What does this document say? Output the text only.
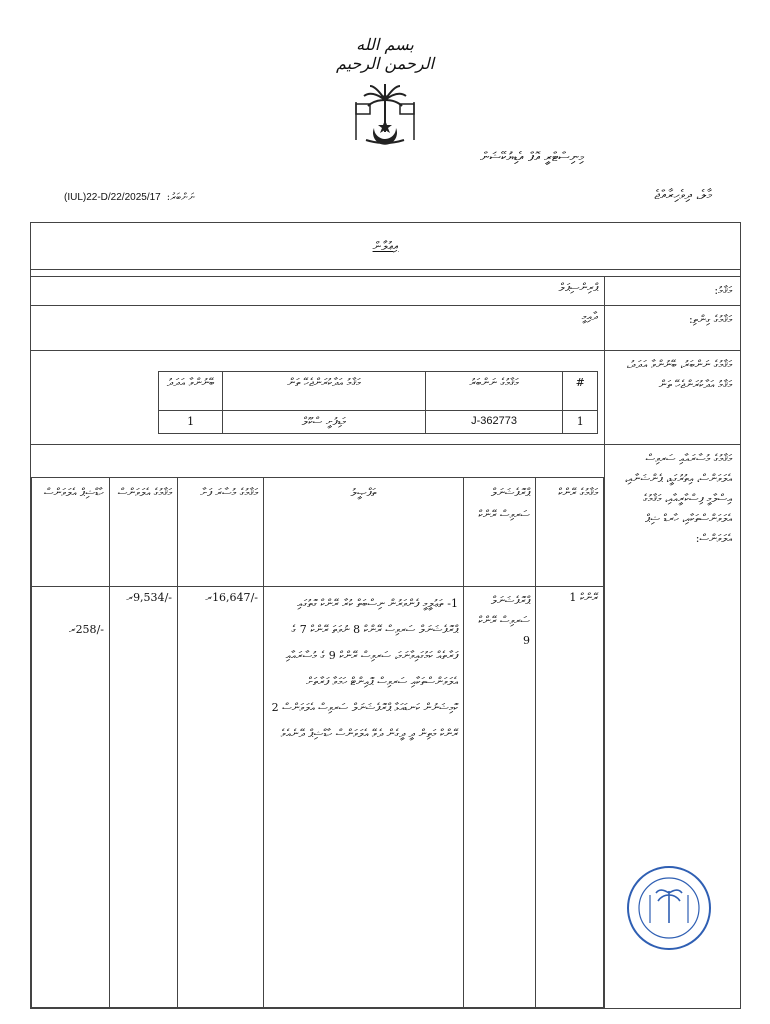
بسم الله الرحمن الرحيم
މިނިސްޓްރީ އޮފް އެޑިޔުކޭޝަން
މާލެ، ދިވެހިރާއްޖެ
(IUL)22-D/22/2025/17 ނަންބަރު:
އިޢުލާން

ޕްރިންސިޕަލް	މަޤާމު:
ދާއިމީ	މަޤާމުގެ ގިންތި:

ބޭނުންވާ އަދަދު	މަޤާމު އަދާކުރަންޖެހޭ ތަން	މަޤާމުގެ ނަންބަރު	#
1	މަޑިފުށީ ސްކޫލް	J-362773	1
	މަޤާމުގެ ނަންބަރު، ބޭނުންވާ އަދަދު، މަޤާމު އަދާކުރަންޖެހޭ ތަން

ހާޑްޝިޕް އެލަވަންސް	މަޤާމުގެ އެލަވަންސް	މަޤާމުގެ މުސާރަ ފަށާ	ތަފްޞީލު	ޕްރޮފެޝަނަލް ސަރވިސް ރޭންކް	މަޤާމުގެ ރޭންކް
-/258ރ	-/9,534ރ	-/16,647ރ	1- ތަޢުލީމީ ފެންވަރުން ނިސްބަތް ކުރާ ރޭންކް ގޮތުގައި ޕްރޮފެޝަނަލް ސަރވިސް ރޭންކް 8 ނުވަތަ ރޭންކް 7 ގެ ފަރާތެއް ކަމުގައިވާނަމަ، ސަރވިސް ރޭންކް 9 ގެ މުސާރައާއި އެލަވަންސްތަކާއި ސަރވިސް ޕޮއިންޓް ހަމަވާ ފަރާތަށް ކޮމިޝަނުން ކަނޑައަޅާ ޕްރޮފެޝަނަލް ސަރވިސް އެލަވަންސް 2 ރޭންކް މަތިން ދީ ދީގެން ދެވޭ އެލަވަންސް ހާޑްޝިޕް ދޭނެއެވެ	ޕްރޮފެޝަނަލް ސަރވިސް ރޭންކް 9	ރޭންކް 1
	މަޤާމުގެ މުސާރައާއި ސަރވިސް އެލަވަންސް، އިތުރުގަޑީ، ޕެންޝަނާއި، އިސްލާމީ ފިސްކާރީއާއި، މަޤާމުގެ އެލަވަންސްތަކާއި، ހާރޑް ޝިޕް އެލަވަންސް:
